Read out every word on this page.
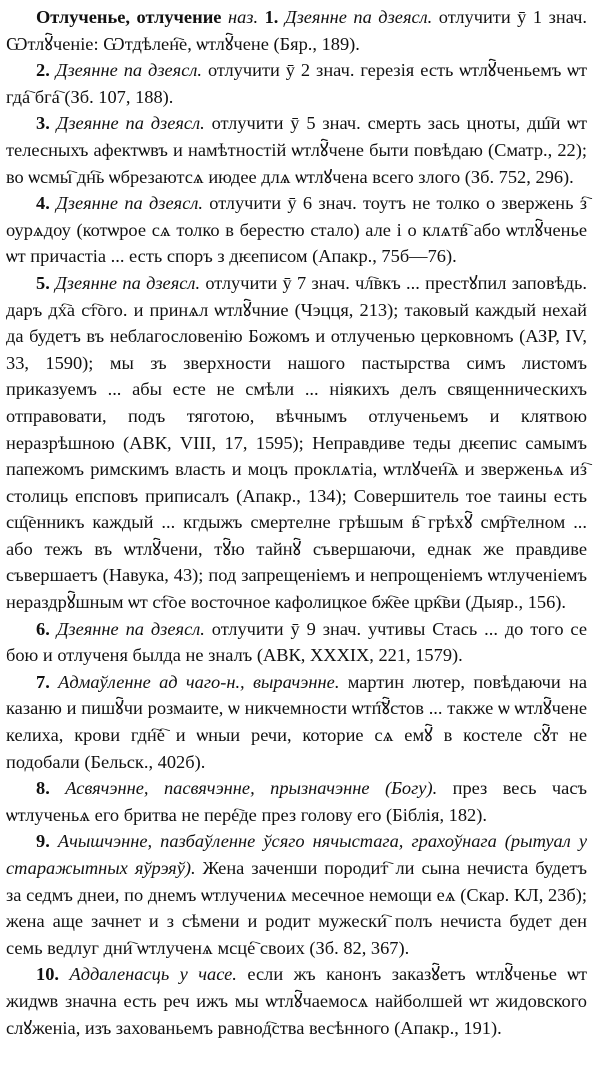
Отлученье, отлучение наз. 1. Дзеянне па дзеясл. отлучити ӯ 1 знач. Ѡтлꙋ҇ченіе: Ѡтдѣлен҇е, ѡтлꙋ҇чене (Бяр., 189).

2. Дзеянне па дзеясл. отлучити ӯ 2 знач. герезія есть ѡтлꙋ҇ченьемъ ѡт гда҇ бга҇ (Зб. 107, 188).

3. Дзеянне па дзеясл. отлучити ӯ 5 знач. смерть зась цноты, дш҇и ѡт телесныхъ афектѡвъ и намѣтностій ѡтлꙋ҇чене быти повѣдаю (Сматр., 22); во ѡсмы҇ дн҇ь ѡбрезаютсѧ июдее длѧ ѡтлꙋчена всего злого (Зб. 752, 296).

4. Дзеянне па дзеясл. отлучити ӯ 6 знач. тоутъ не толко о звержень з҇ оурѧдоу (котѡрое сѧ толко в берестю стало) але і о клѧтв҇ або ѡтлꙋ҇ченье ѡт причастіа ... есть споръ з дѥеписом (Апакр., 75б—76).

5. Дзеянне па дзеясл. отлучити ӯ 7 знач. чл҇вкъ ... престꙋпил заповѣдь. даръ дх҇а ст҇ого. и принѧл ѡтлꙋ҇чние (Чэцця, 213); таковый каждый нехай да будетъ въ неблагословенію Божомъ и отлученью церковномъ (АЗР, IV, 33, 1590); мы зъ зверхности нашого пастырства симъ листомъ приказуемъ ... абы есте не смѣли ... ніякихъ делъ священническихъ отправовати, подъ тяготою, вѣчнымъ отлученьемъ и клятвою неразрѣшною (АВК, VIII, 17, 1595); Неправдиве теды дѥепис самымъ папежомъ римскимъ власть и моцъ проклѧтіа, ѡтлꙋчен҇ѧ и зверженьѧ из҇ столиць епсповъ приписалъ (Апакр., 134); Совершитель тое таины есть сщ҇енникъ каждый ... кгдыжъ смертелне грѣшым в҇ грѣхꙋ҇ смр҇телном ... або тежъ въ ѡтлꙋ҇чени, тꙋ҇ю тайнꙋ҇ съвершаючи, еднак же правдиве съвершаетъ (Навука, 43); под запрещеніемъ и непрощеніемъ ѡтлученіемъ нераздрꙋ҇шным ѡт ст҇ое восточное кафолицкое бж҇ее црк҇ви (Дыяр., 156).

6. Дзеянне па дзеясл. отлучити ӯ 9 знач. учтивы Стась ... до того се бою и отлученя былда не зналъ (АВК, XXXIX, 221, 1579).

7. Адмаўленне ад чаго-н., вырачэнне. мартин лютер, повѣдаючи на казаню и пишꙋ҇чи розмаите, ѡ никчемности ѡтп҇ꙋ҇стов ... также ѡ ѡтлꙋ҇чене келиха, крови гдн҇е҇ и ѡныи речи, которие сѧ емꙋ҇ в костеле сꙋ҇т не подобали (Бельск., 402б).

8. Асвячэнне, пасвячэнне, прызначэнне (Богу). през весь часъ ѡтлученьѧ его бритва не пере҇де през голову его (Біблія, 182).

9. Ачышчэнне, пазбаўленне ўсяго нячыстага, грахоўнага (рытуал у старажытных яўрэяў). Жена заченши породит҇ ли сына нечиста будетъ за седмъ днеи, по днемъ ѡтлучениѧ месечное немощи еѧ (Скар. КЛ, 23б); жена аще зачнет и з сѣмени и родит мужески҇ полъ нечиста будет ден семь ведлуг дни҇ ѡтлученѧ мсце҇ своих (Зб. 82, 367).

10. Аддаленасць у часе. если жъ канонъ заказꙋ҇етъ ѡтлꙋ҇ченье ѡт жидѡв значна есть реч ижъ мы ѡтлꙋ҇чаемосѧ найболшей ѡт жидовского слꙋженіа, изъ захованьемъ равнод҇ства весѣнного (Апакр., 191).
